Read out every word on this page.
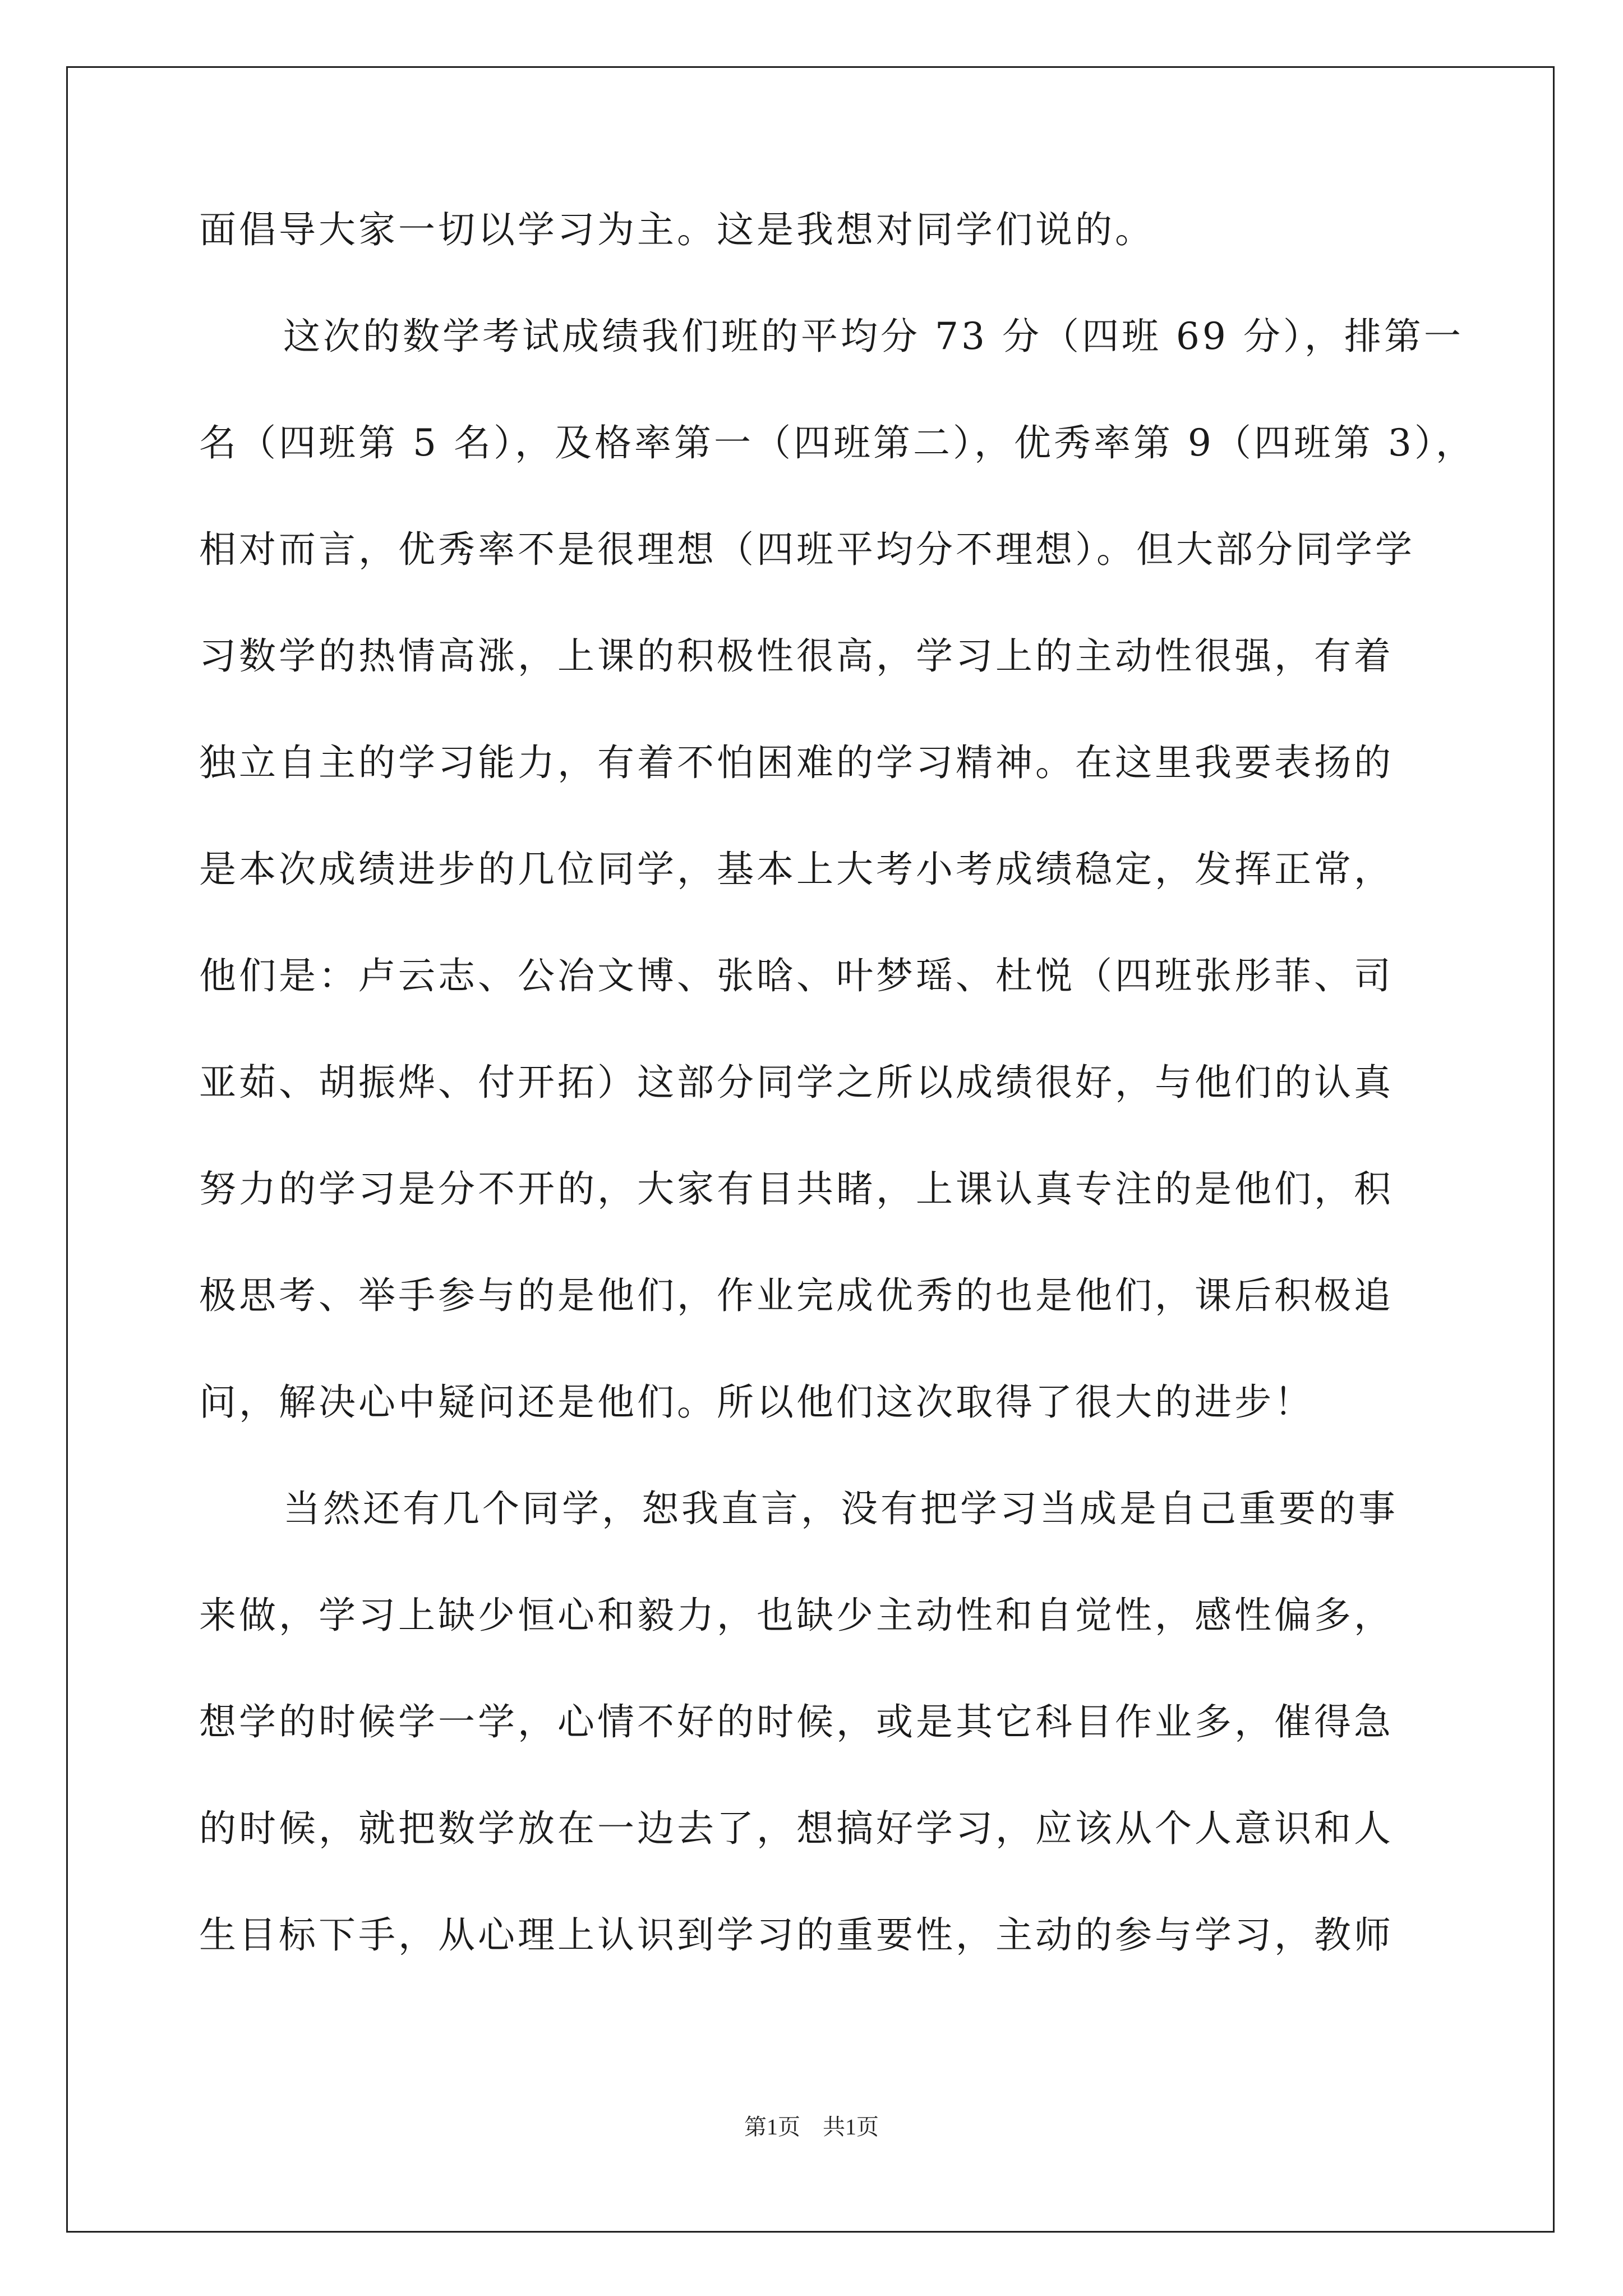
面倡导大家一切以学习为主。这是我想对同学们说的。
这次的数学考试成绩我们班的平均分 73 分（四班 69 分），排第一
名（四班第 5 名），及格率第一（四班第二），优秀率第 9（四班第 3），
相对而言，优秀率不是很理想（四班平均分不理想）。但大部分同学学
习数学的热情高涨，上课的积极性很高，学习上的主动性很强，有着
独立自主的学习能力，有着不怕困难的学习精神。在这里我要表扬的
是本次成绩进步的几位同学，基本上大考小考成绩稳定，发挥正常，
他们是：卢云志、公冶文博、张晗、叶梦瑶、杜悦（四班张彤菲、司
亚茹、胡振烨、付开拓）这部分同学之所以成绩很好，与他们的认真
努力的学习是分不开的，大家有目共睹，上课认真专注的是他们，积
极思考、举手参与的是他们，作业完成优秀的也是他们，课后积极追
问，解决心中疑问还是他们。所以他们这次取得了很大的进步！
当然还有几个同学，恕我直言，没有把学习当成是自己重要的事
来做，学习上缺少恒心和毅力，也缺少主动性和自觉性，感性偏多，
想学的时候学一学，心情不好的时候，或是其它科目作业多，催得急
的时候，就把数学放在一边去了，想搞好学习，应该从个人意识和人
生目标下手，从心理上认识到学习的重要性，主动的参与学习，教师
第1页　共1页
